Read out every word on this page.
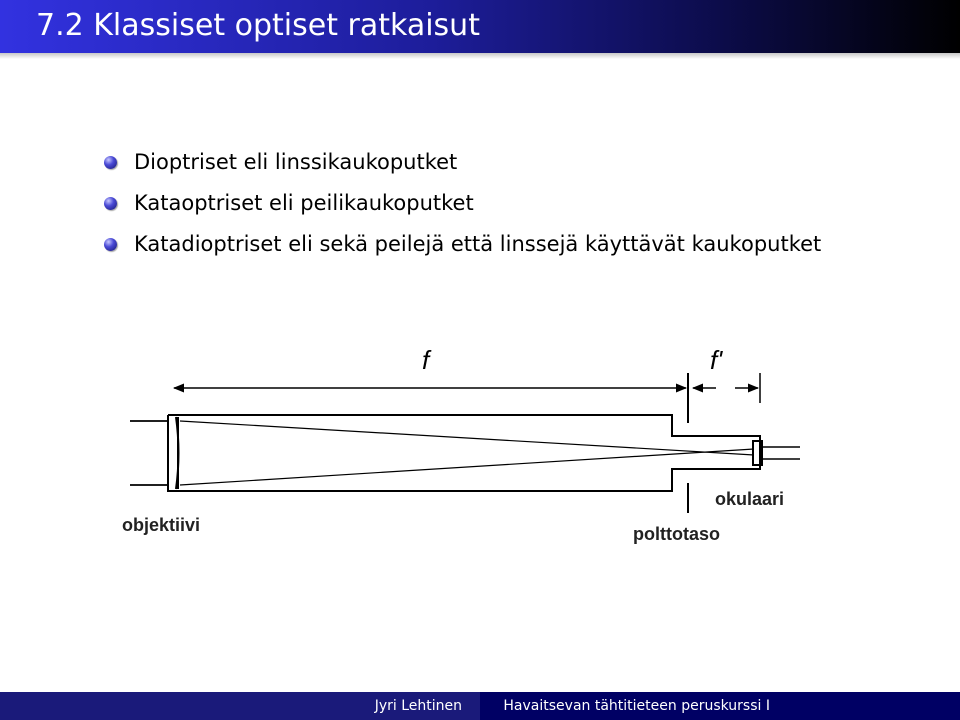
7.2 Klassiset optiset ratkaisut
Dioptriset eli linssikaukoputket
Kataoptriset eli peilikaukoputket
Katadioptriset eli sekä peilejä että linssejä käyttävät kaukoputket
f	f'
objektiivi	polttotaso
okulaari
Jyri Lehtinen	Havaitsevan tähtitieteen peruskurssi I
